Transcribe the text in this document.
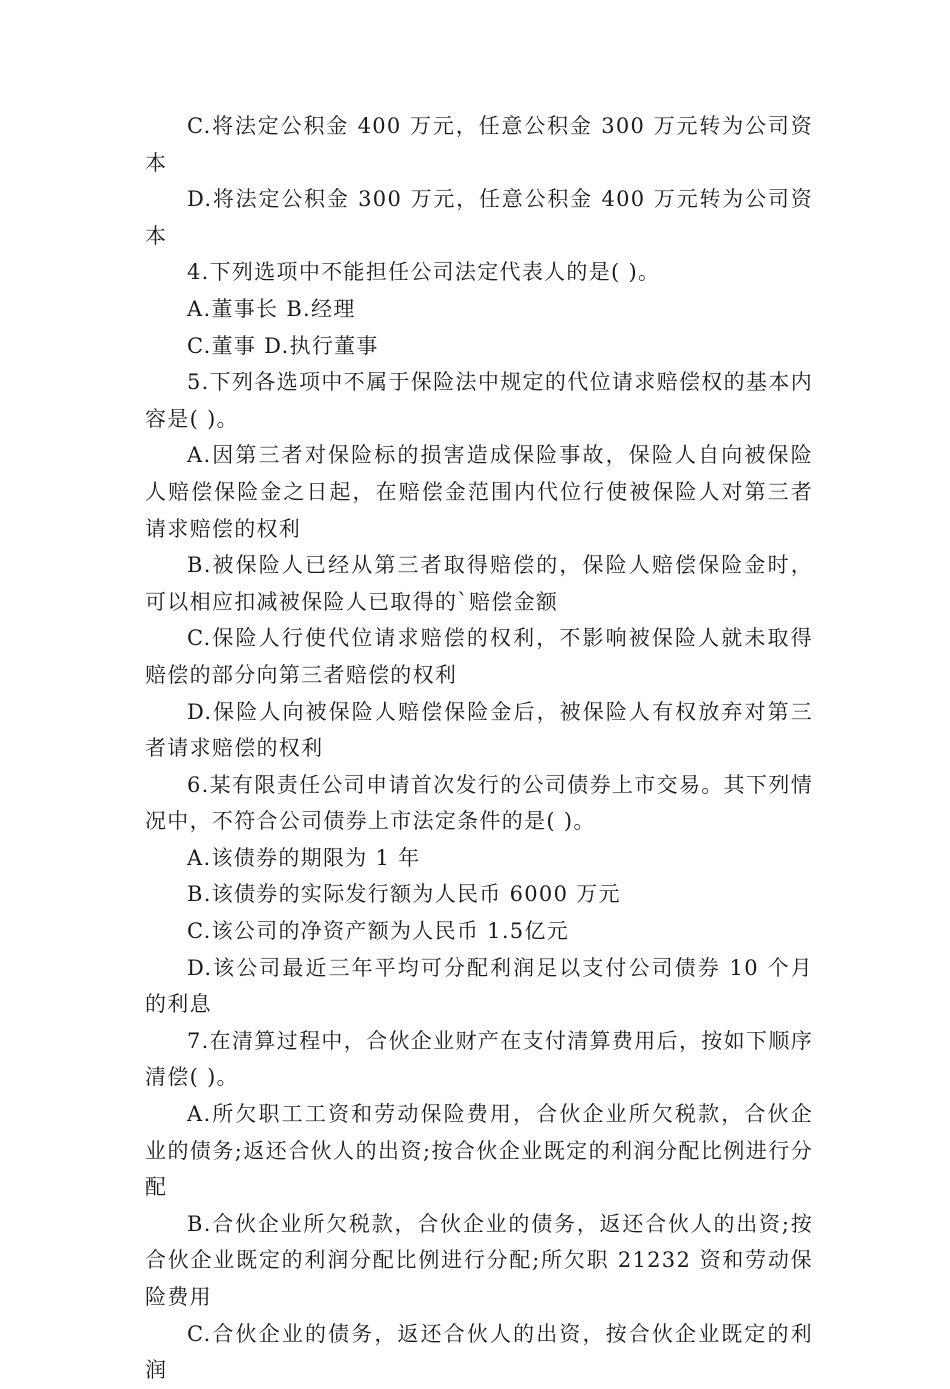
C.将法定公积金 400 万元，任意公积金 300 万元转为公司资本

D.将法定公积金 300 万元，任意公积金 400 万元转为公司资本

4.下列选项中不能担任公司法定代表人的是( )。

A.董事长 B.经理

C.董事 D.执行董事

5.下列各选项中不属于保险法中规定的代位请求赔偿权的基本内容是( )。

A.因第三者对保险标的损害造成保险事故，保险人自向被保险人赔偿保险金之日起，在赔偿金范围内代位行使被保险人对第三者请求赔偿的权利

B.被保险人已经从第三者取得赔偿的，保险人赔偿保险金时，可以相应扣减被保险人已取得的`赔偿金额

C.保险人行使代位请求赔偿的权利，不影响被保险人就未取得赔偿的部分向第三者赔偿的权利

D.保险人向被保险人赔偿保险金后，被保险人有权放弃对第三者请求赔偿的权利

6.某有限责任公司申请首次发行的公司债券上市交易。其下列情况中，不符合公司债券上市法定条件的是( )。

A.该债券的期限为 1 年

B.该债券的实际发行额为人民币 6000 万元

C.该公司的净资产额为人民币 1.5亿元

D.该公司最近三年平均可分配利润足以支付公司债券 10 个月的利息

7.在清算过程中，合伙企业财产在支付清算费用后，按如下顺序清偿( )。

A.所欠职工工资和劳动保险费用，合伙企业所欠税款，合伙企业的债务;返还合伙人的出资;按合伙企业既定的利润分配比例进行分配

B.合伙企业所欠税款，合伙企业的债务，返还合伙人的出资;按合伙企业既定的利润分配比例进行分配;所欠职 21232 资和劳动保险费用

C.合伙企业的债务，返还合伙人的出资，按合伙企业既定的利润
